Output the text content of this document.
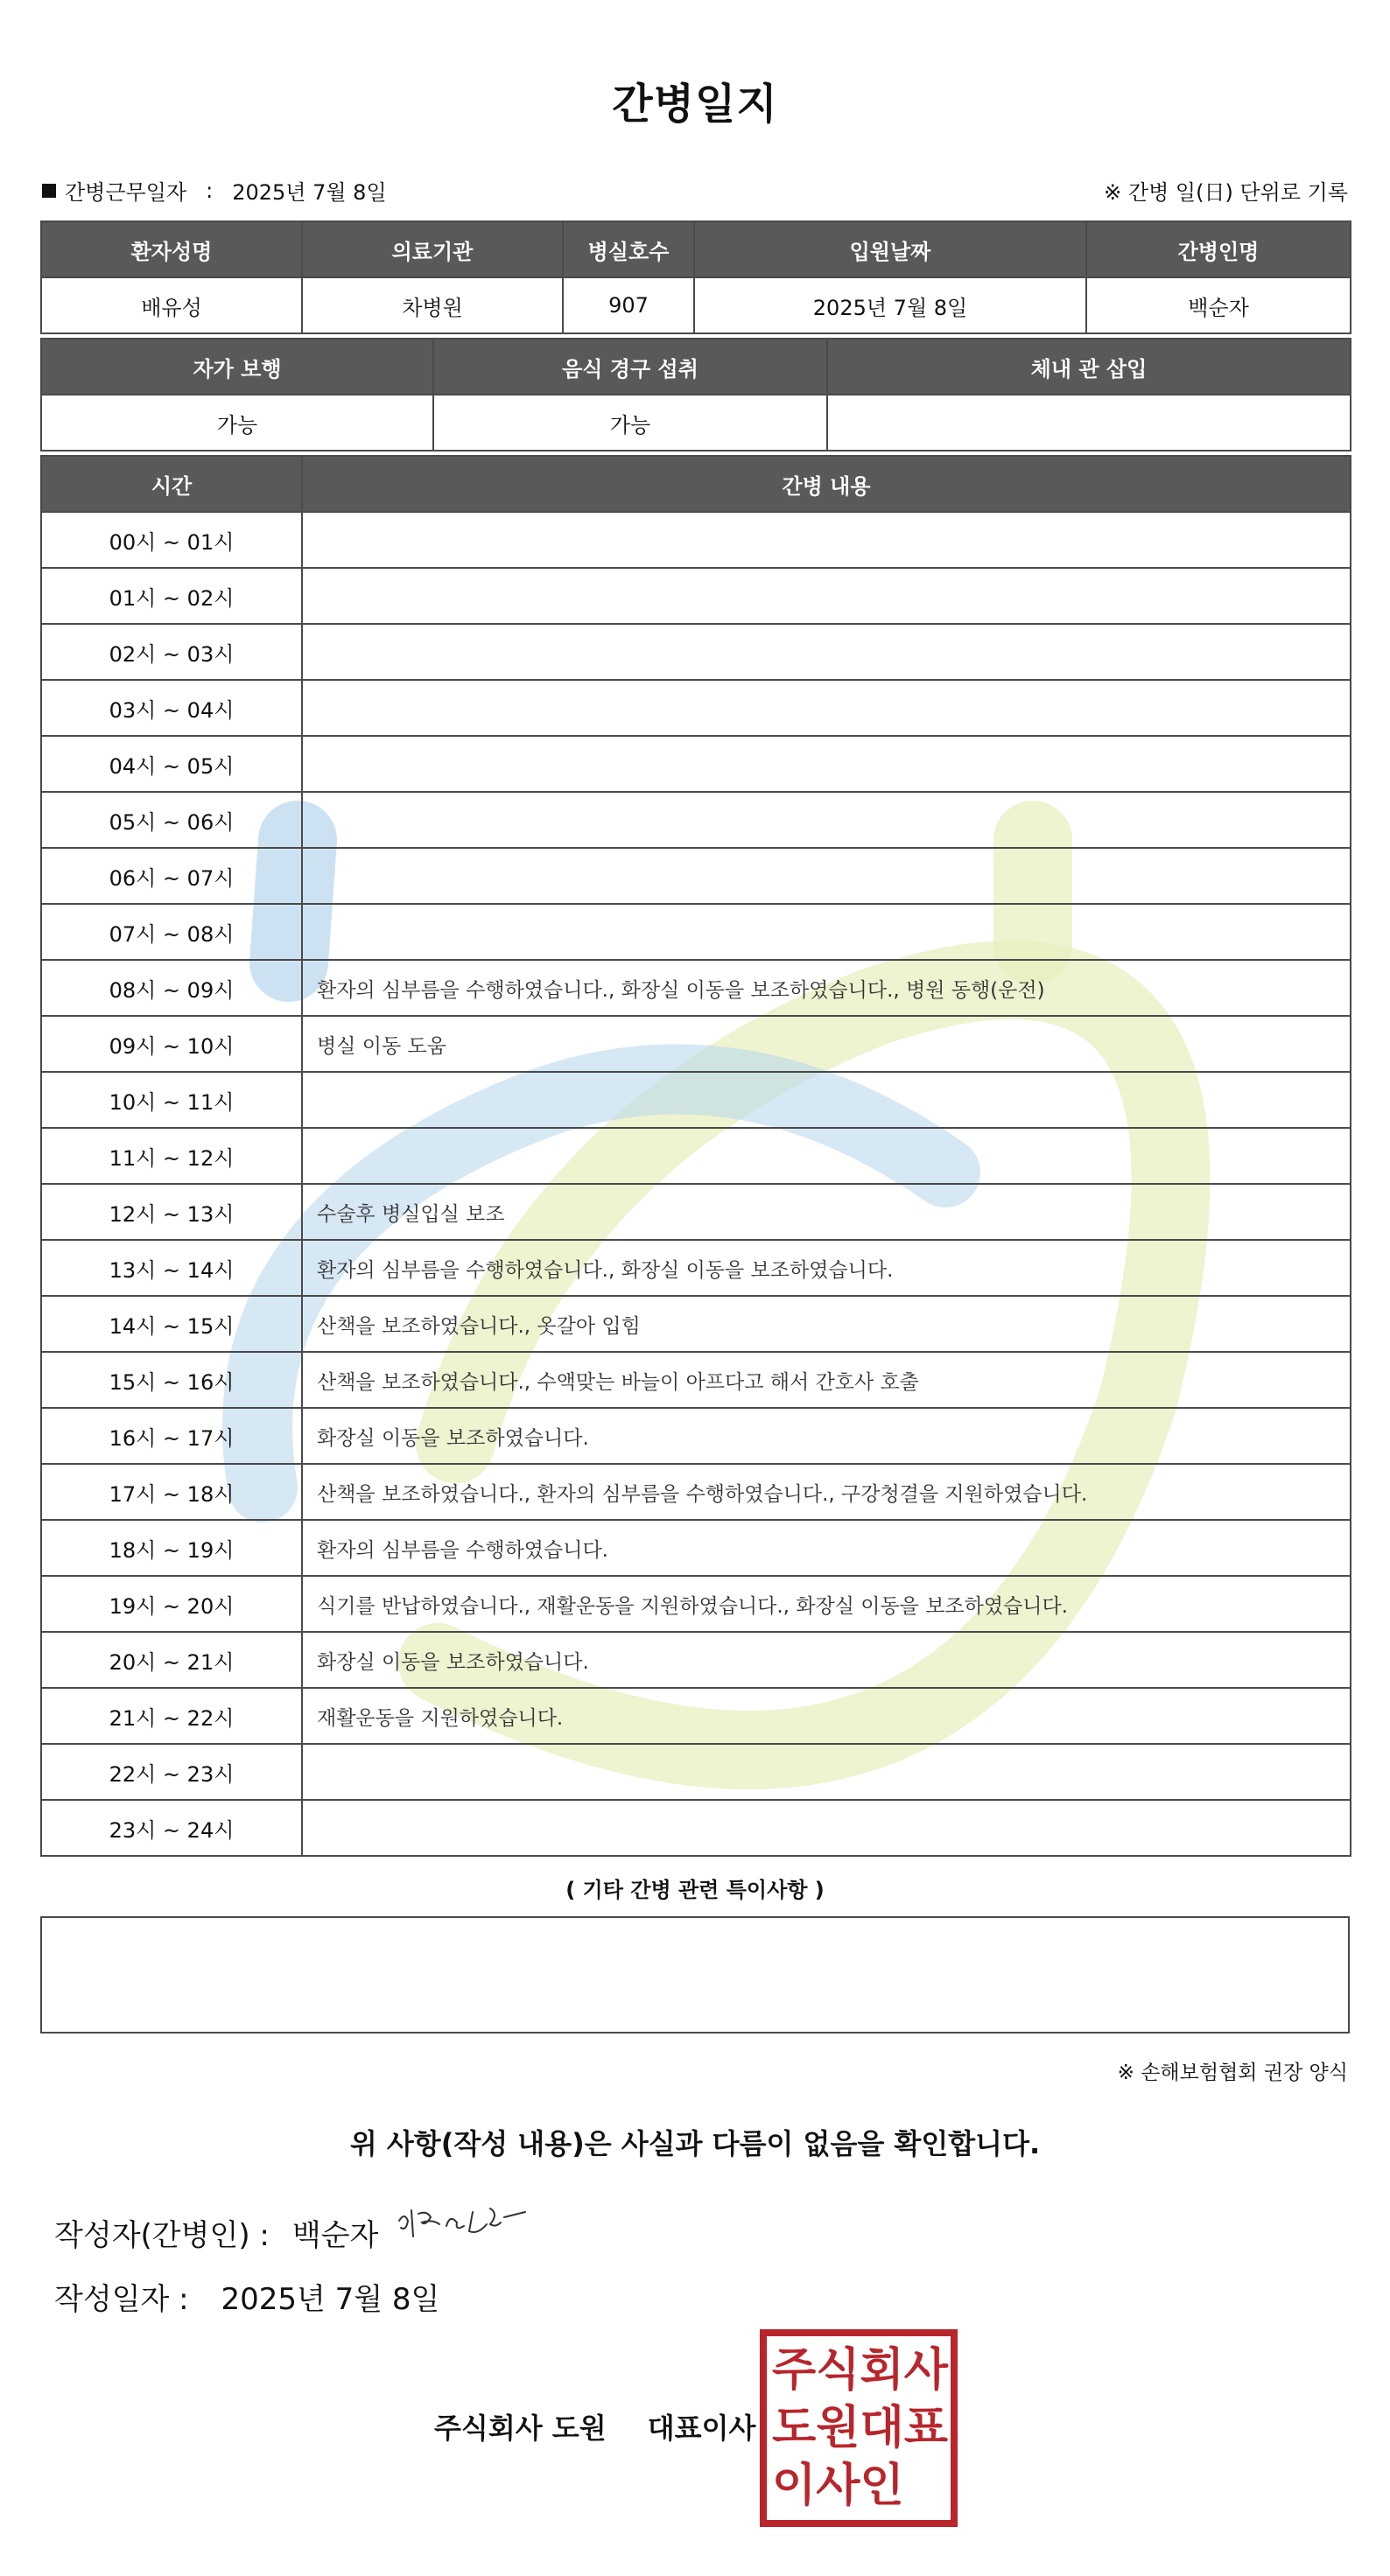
간병일지
간병근무일자 : 2025년 7월 8일	※ 간병 일(日) 단위로 기록
환자성명	의료기관	병실호수	입원날짜	간병인명
배유성	차병원	907	2025년 7월 8일	백순자
자가 보행	음식 경구 섭취	체내 관 삽입
가능	가능	
시간	간병 내용
00시 ~ 01시	
01시 ~ 02시	
02시 ~ 03시	
03시 ~ 04시	
04시 ~ 05시	
05시 ~ 06시	
06시 ~ 07시	
07시 ~ 08시	
08시 ~ 09시	환자의 심부름을 수행하였습니다., 화장실 이동을 보조하였습니다., 병원 동행(운전)
09시 ~ 10시	병실 이동 도움
10시 ~ 11시	
11시 ~ 12시	
12시 ~ 13시	수술후 병실입실 보조
13시 ~ 14시	환자의 심부름을 수행하였습니다., 화장실 이동을 보조하였습니다.
14시 ~ 15시	산책을 보조하였습니다., 옷갈아 입힘
15시 ~ 16시	산책을 보조하였습니다., 수액맞는 바늘이 아프다고 해서 간호사 호출
16시 ~ 17시	화장실 이동을 보조하였습니다.
17시 ~ 18시	산책을 보조하였습니다., 환자의 심부름을 수행하였습니다., 구강청결을 지원하였습니다.
18시 ~ 19시	환자의 심부름을 수행하였습니다.
19시 ~ 20시	식기를 반납하였습니다., 재활운동을 지원하였습니다., 화장실 이동을 보조하였습니다.
20시 ~ 21시	화장실 이동을 보조하였습니다.
21시 ~ 22시	재활운동을 지원하였습니다.
22시 ~ 23시	
23시 ~ 24시	
( 기타 간병 관련 특이사항 )
※ 손해보험협회 권장 양식
위 사항(작성 내용)은 사실과 다름이 없음을 확인합니다.
작성자(간병인) : 백순자
작성일자 : 2025년 7월 8일
주식회사 도원 대표이사
주 식 회 사
도 원 대 표
이 사 인
